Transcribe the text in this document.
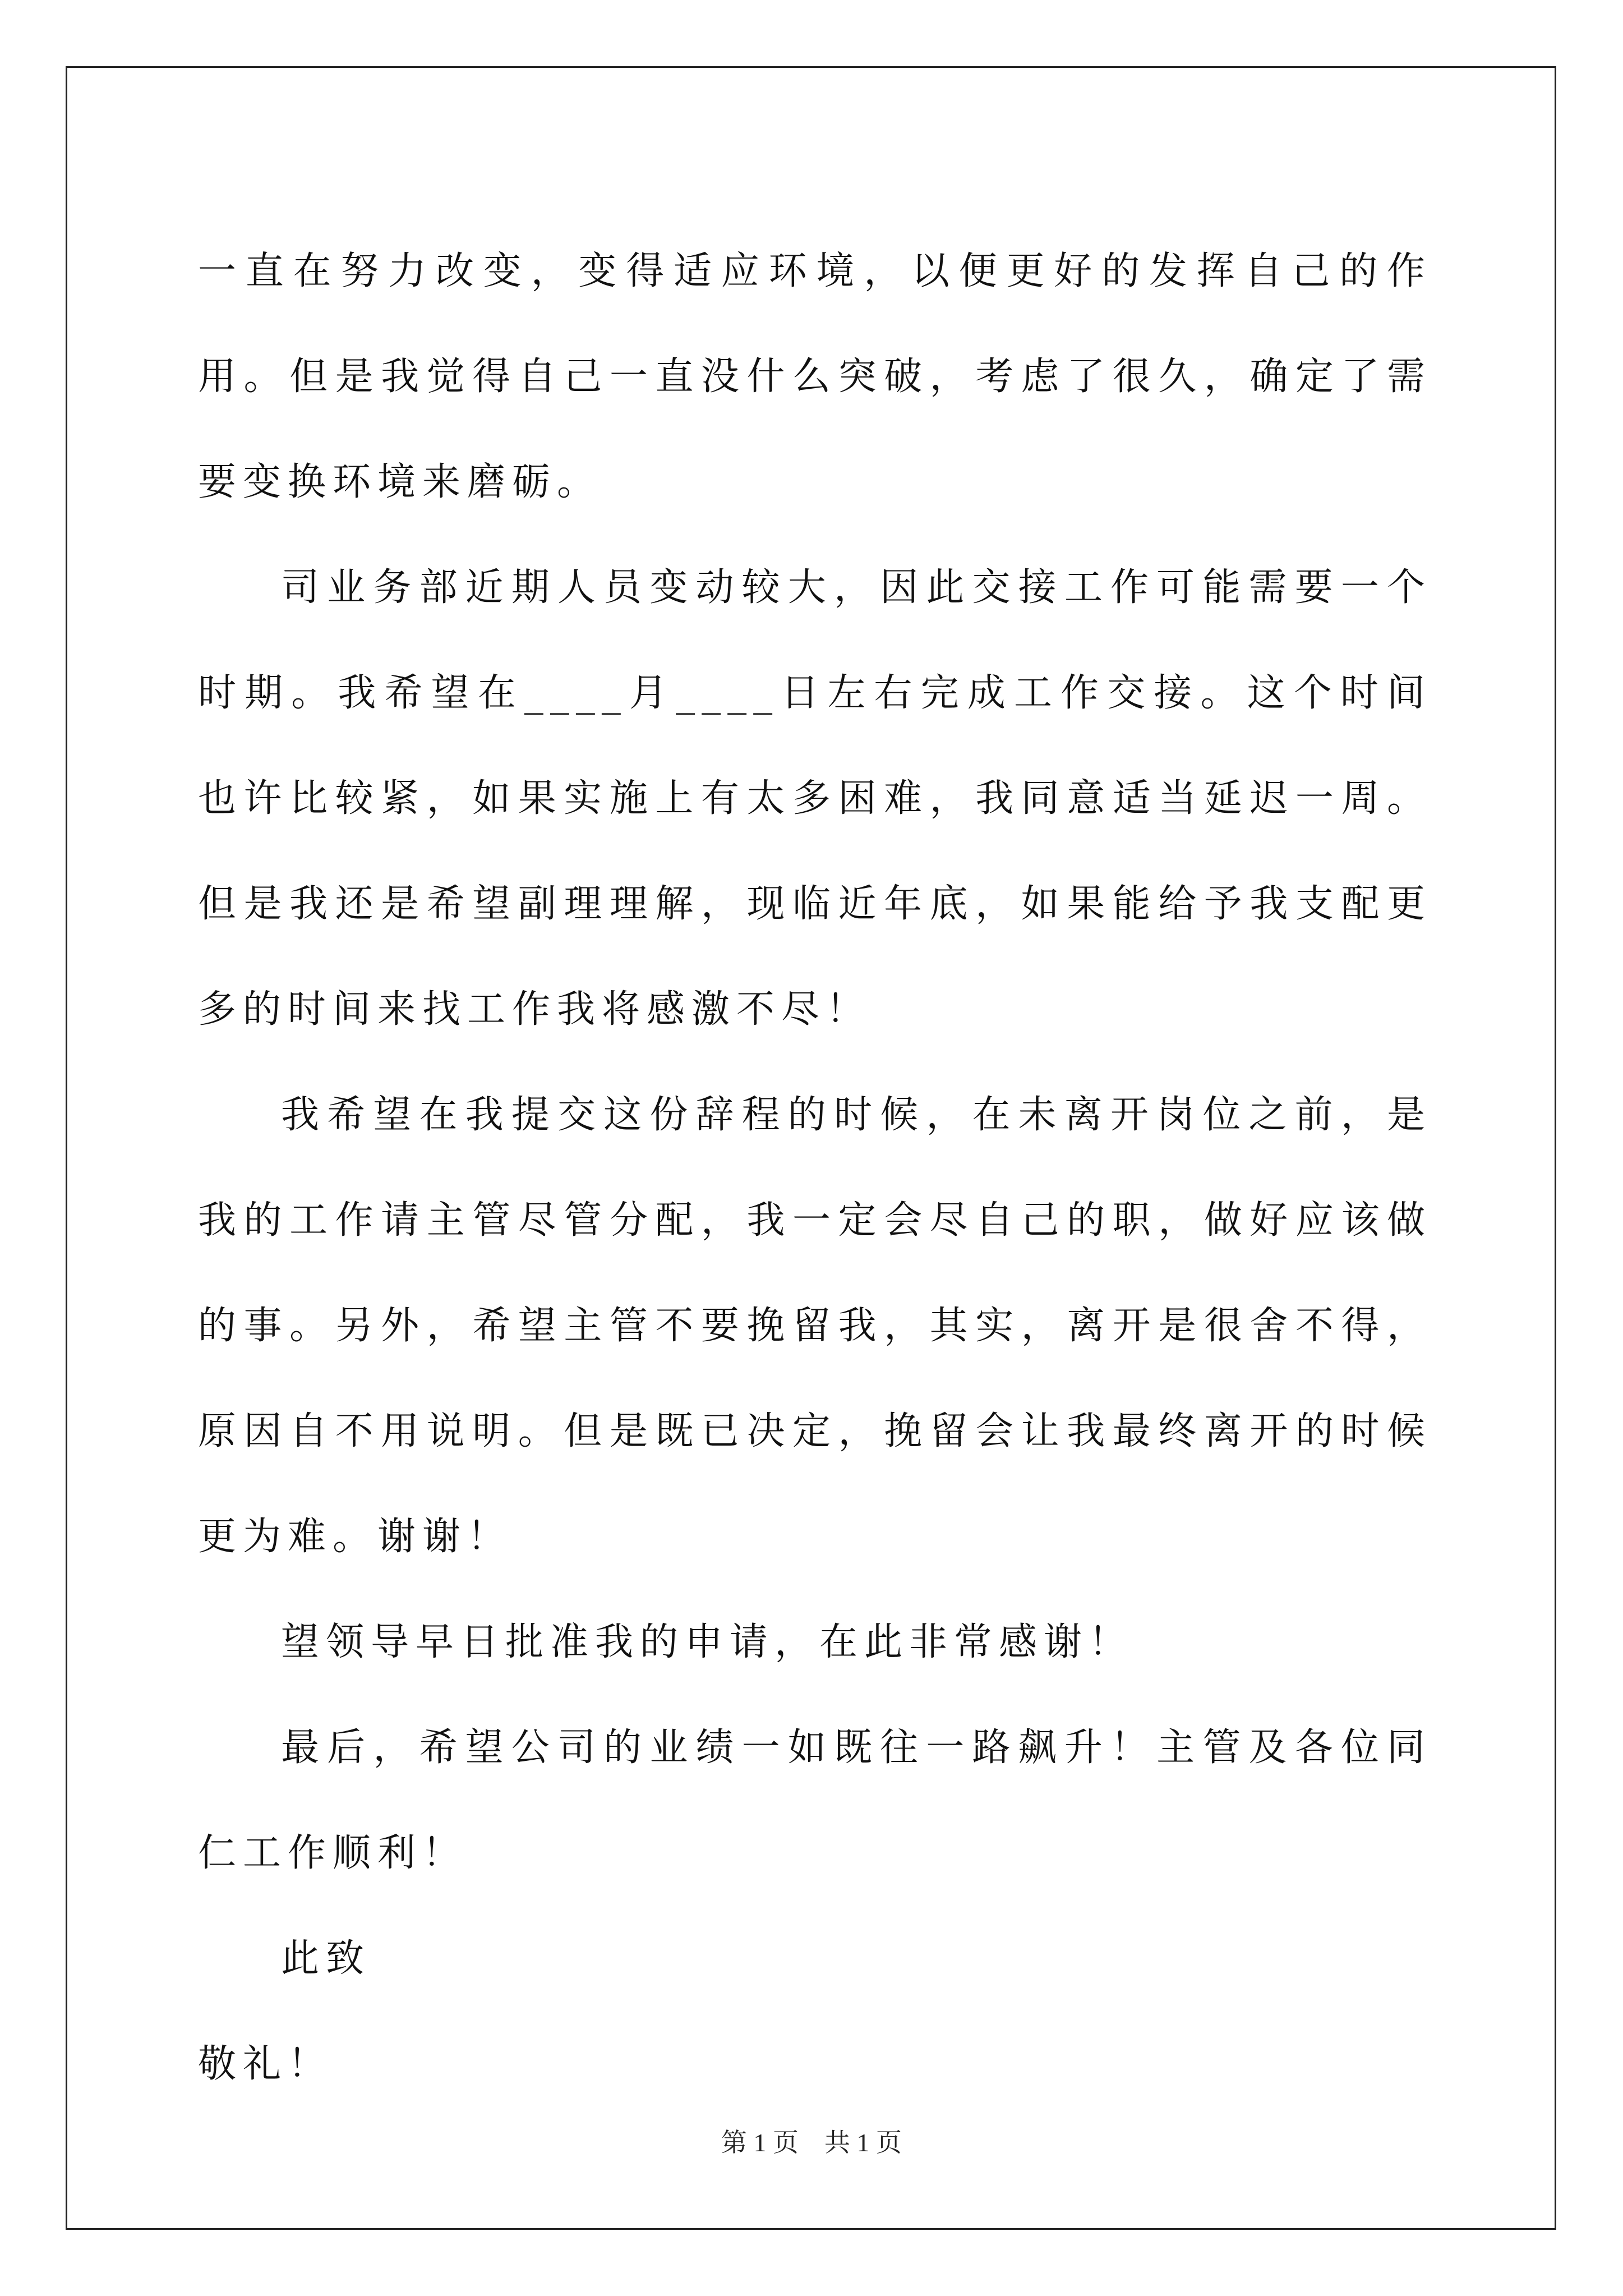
一直在努力改变，变得适应环境，以便更好的发挥自己的作用。但是我觉得自己一直没什么突破，考虑了很久，确定了需要变换环境来磨砺。

司业务部近期人员变动较大，因此交接工作可能需要一个时期。我希望在____月____日左右完成工作交接。这个时间也许比较紧，如果实施上有太多困难，我同意适当延迟一周。但是我还是希望副理理解，现临近年底，如果能给予我支配更多的时间来找工作我将感激不尽！

我希望在我提交这份辞程的时候，在未离开岗位之前，是我的工作请主管尽管分配，我一定会尽自己的职，做好应该做的事。另外，希望主管不要挽留我，其实，离开是很舍不得，原因自不用说明。但是既已决定，挽留会让我最终离开的时候更为难。谢谢！

望领导早日批准我的申请，在此非常感谢！

最后，希望公司的业绩一如既往一路飙升！主管及各位同仁工作顺利！

此致

敬礼！

第 1 页    共 1 页
